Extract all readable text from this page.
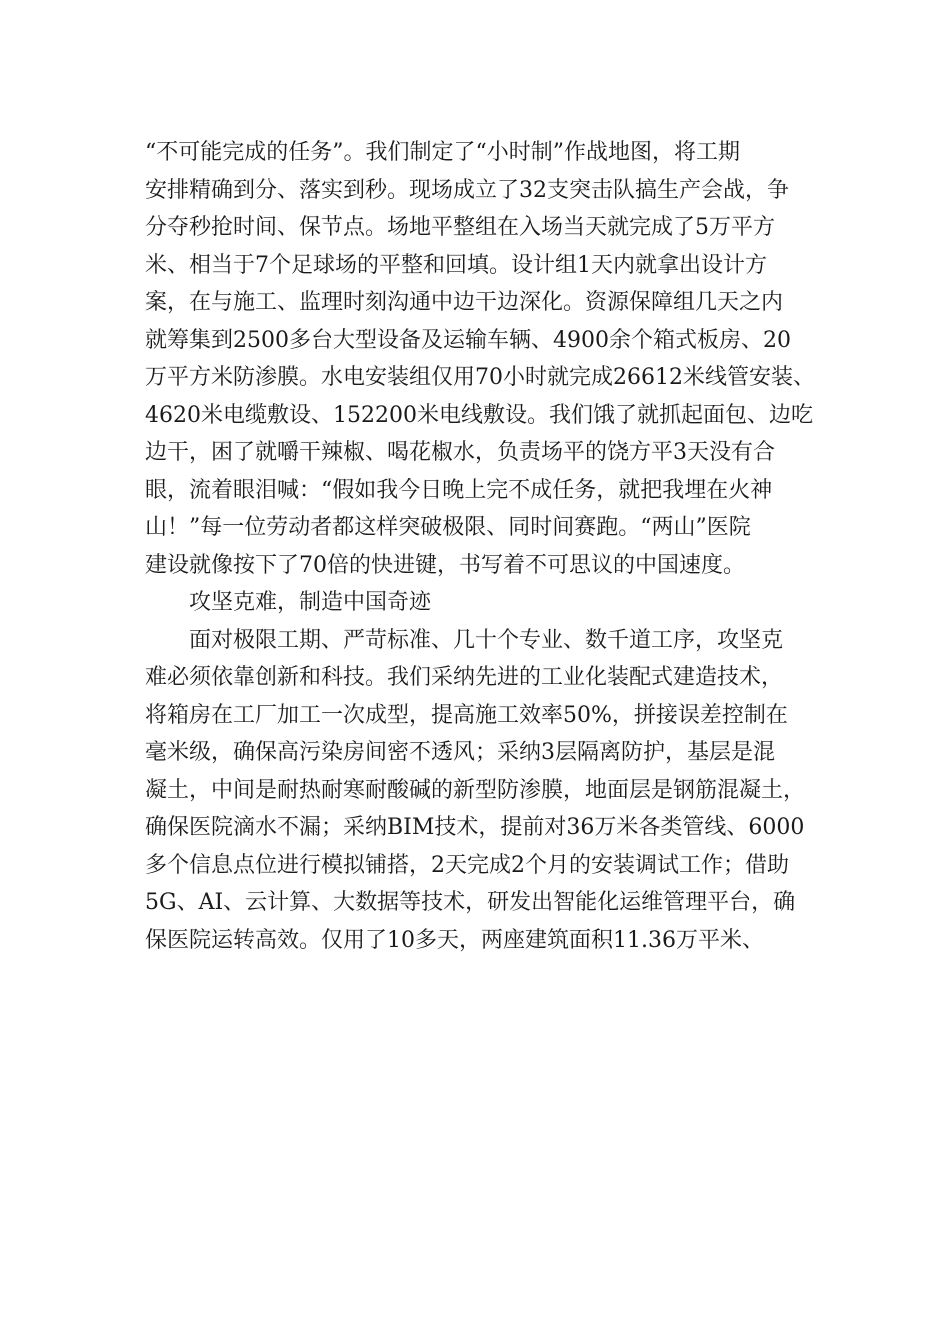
“不可能完成的任务”。我们制定了“小时制”作战地图，将工期
安排精确到分、落实到秒。现场成立了32支突击队搞生产会战，争
分夺秒抢时间、保节点。场地平整组在入场当天就完成了5万平方
米、相当于7个足球场的平整和回填。设计组1天内就拿出设计方
案，在与施工、监理时刻沟通中边干边深化。资源保障组几天之内
就筹集到2500多台大型设备及运输车辆、4900余个箱式板房、20
万平方米防渗膜。水电安装组仅用70小时就完成26612米线管安装、
4620米电缆敷设、152200米电线敷设。我们饿了就抓起面包、边吃
边干，困了就嚼干辣椒、喝花椒水，负责场平的饶方平3天没有合
眼，流着眼泪喊：“假如我今日晚上完不成任务，就把我埋在火神
山！”每一位劳动者都这样突破极限、同时间赛跑。“两山”医院
建设就像按下了70倍的快进键，书写着不可思议的中国速度。
攻坚克难，制造中国奇迹
面对极限工期、严苛标准、几十个专业、数千道工序，攻坚克
难必须依靠创新和科技。我们采纳先进的工业化装配式建造技术，
将箱房在工厂加工一次成型，提高施工效率50%，拼接误差控制在
毫米级，确保高污染房间密不透风；采纳3层隔离防护，基层是混
凝土，中间是耐热耐寒耐酸碱的新型防渗膜，地面层是钢筋混凝土，
确保医院滴水不漏；采纳BIM技术，提前对36万米各类管线、6000
多个信息点位进行模拟铺搭，2天完成2个月的安装调试工作；借助
5G、AI、云计算、大数据等技术，研发出智能化运维管理平台，确
保医院运转高效。仅用了10多天，两座建筑面积11.36万平米、
